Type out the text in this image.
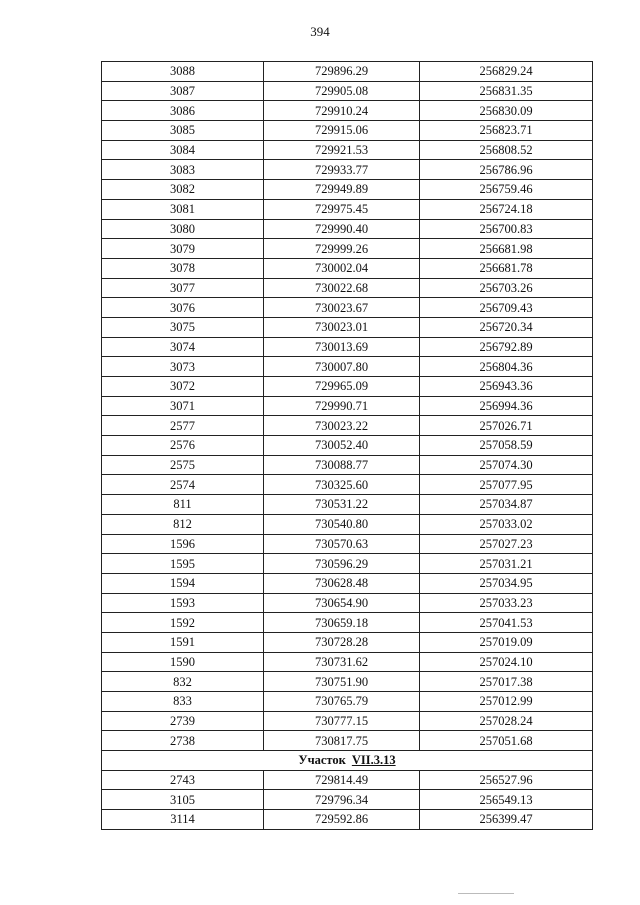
394
3088	729896.29	256829.24
3087	729905.08	256831.35
3086	729910.24	256830.09
3085	729915.06	256823.71
3084	729921.53	256808.52
3083	729933.77	256786.96
3082	729949.89	256759.46
3081	729975.45	256724.18
3080	729990.40	256700.83
3079	729999.26	256681.98
3078	730002.04	256681.78
3077	730022.68	256703.26
3076	730023.67	256709.43
3075	730023.01	256720.34
3074	730013.69	256792.89
3073	730007.80	256804.36
3072	729965.09	256943.36
3071	729990.71	256994.36
2577	730023.22	257026.71
2576	730052.40	257058.59
2575	730088.77	257074.30
2574	730325.60	257077.95
811	730531.22	257034.87
812	730540.80	257033.02
1596	730570.63	257027.23
1595	730596.29	257031.21
1594	730628.48	257034.95
1593	730654.90	257033.23
1592	730659.18	257041.53
1591	730728.28	257019.09
1590	730731.62	257024.10
832	730751.90	257017.38
833	730765.79	257012.99
2739	730777.15	257028.24
2738	730817.75	257051.68
Участок VII.3.13		
2743	729814.49	256527.96
3105	729796.34	256549.13
3114	729592.86	256399.47
